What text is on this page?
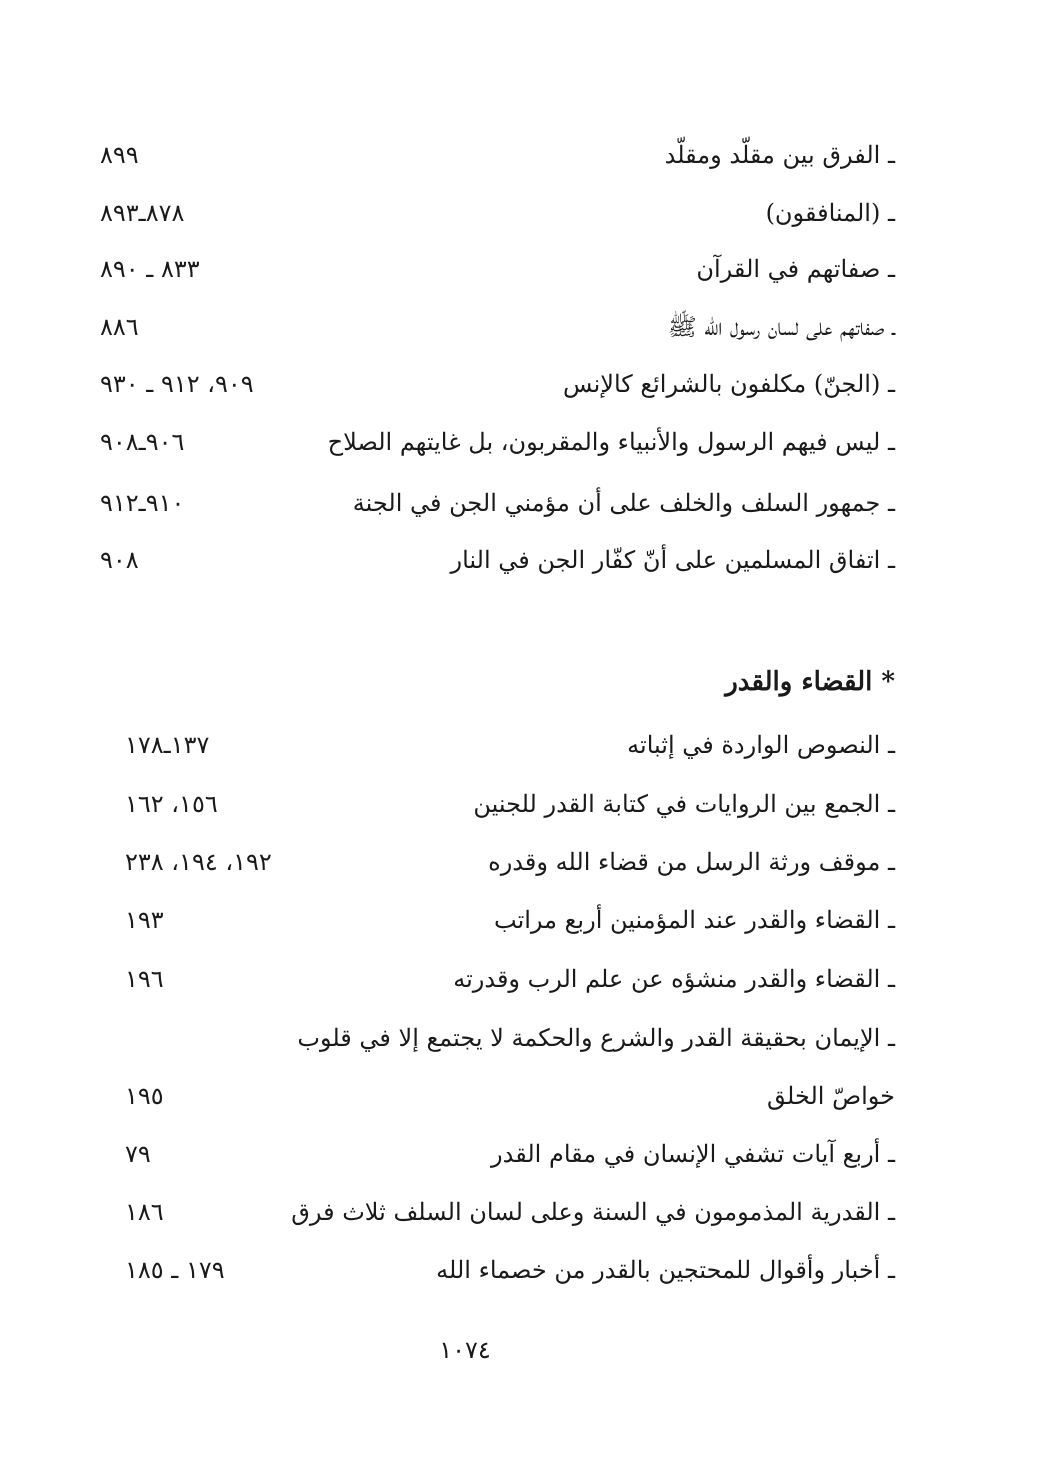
ـ الفرق بين مقلّد ومقلّد
٨٩٩
ـ (المنافقون)
٨٧٨ـ٨٩٣
ـ صفاتهم في القرآن
٨٣٣ ـ ٨٩٠
ـ صفاتهم على لسان رسول الله ﷺ
٨٨٦
ـ (الجنّ) مكلفون بالشرائع كالإنس
٩٠٩، ٩١٢ ـ ٩٣٠
ـ ليس فيهم الرسول والأنبياء والمقربون، بل غايتهم الصلاح
٩٠٦ـ٩٠٨
ـ جمهور السلف والخلف على أن مؤمني الجن في الجنة
٩١٠ـ٩١٢
ـ اتفاق المسلمين على أنّ كفّار الجن في النار
٩٠٨
* القضاء والقدر
ـ النصوص الواردة في إثباته
١٣٧ـ١٧٨
ـ الجمع بين الروايات في كتابة القدر للجنين
١٥٦، ١٦٢
ـ موقف ورثة الرسل من قضاء الله وقدره
١٩٢، ١٩٤، ٢٣٨
ـ القضاء والقدر عند المؤمنين أربع مراتب
١٩٣
ـ القضاء والقدر منشؤه عن علم الرب وقدرته
١٩٦
ـ الإيمان بحقيقة القدر والشرع والحكمة لا يجتمع إلا في قلوب
خواصّ الخلق
١٩٥
ـ أربع آيات تشفي الإنسان في مقام القدر
٧٩
ـ القدرية المذمومون في السنة وعلى لسان السلف ثلاث فرق
١٨٦
ـ أخبار وأقوال للمحتجين بالقدر من خصماء الله
١٧٩ ـ ١٨٥
١٠٧٤
